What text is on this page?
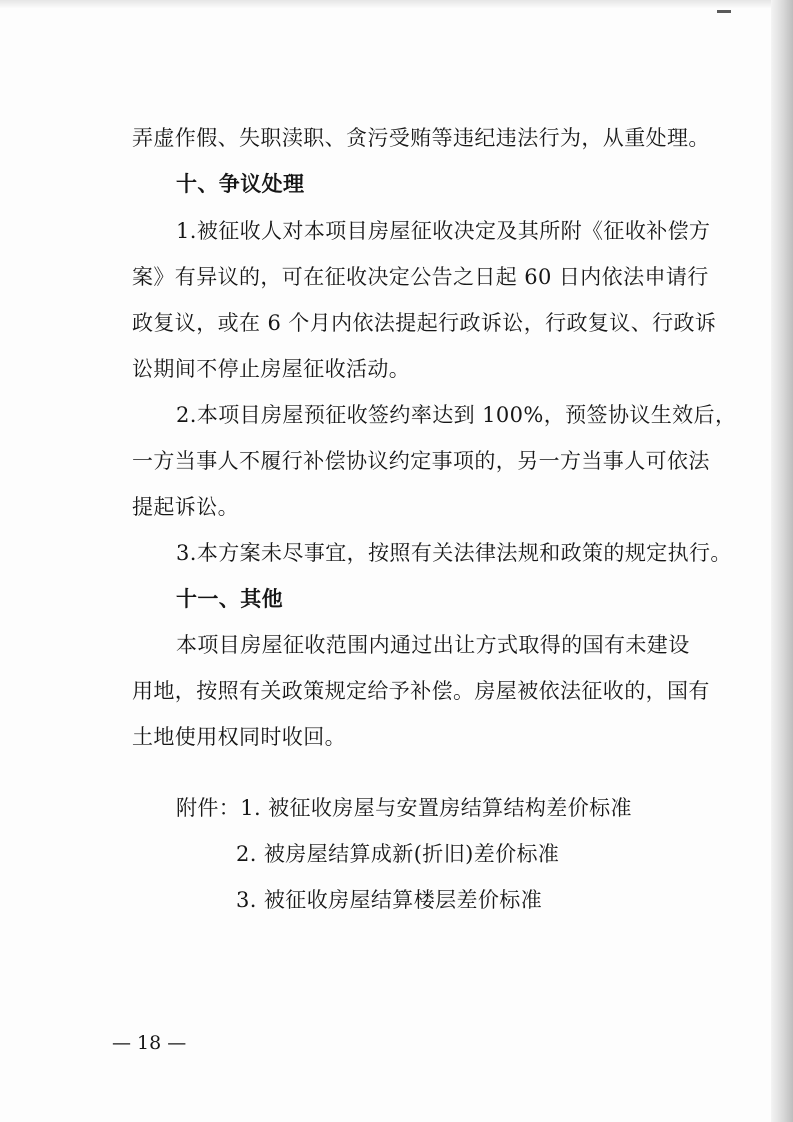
弄虚作假、失职渎职、贪污受贿等违纪违法行为，从重处理。
十、争议处理
1.被征收人对本项目房屋征收决定及其所附《征收补偿方
案》有异议的，可在征收决定公告之日起 60 日内依法申请行
政复议，或在 6 个月内依法提起行政诉讼，行政复议、行政诉
讼期间不停止房屋征收活动。
2.本项目房屋预征收签约率达到 100%，预签协议生效后，
一方当事人不履行补偿协议约定事项的，另一方当事人可依法
提起诉讼。
3.本方案未尽事宜，按照有关法律法规和政策的规定执行。
十一、其他
本项目房屋征收范围内通过出让方式取得的国有未建设
用地，按照有关政策规定给予补偿。房屋被依法征收的，国有
土地使用权同时收回。
附件：1. 被征收房屋与安置房结算结构差价标准
2. 被房屋结算成新(折旧)差价标准
3. 被征收房屋结算楼层差价标准
— 18 —
